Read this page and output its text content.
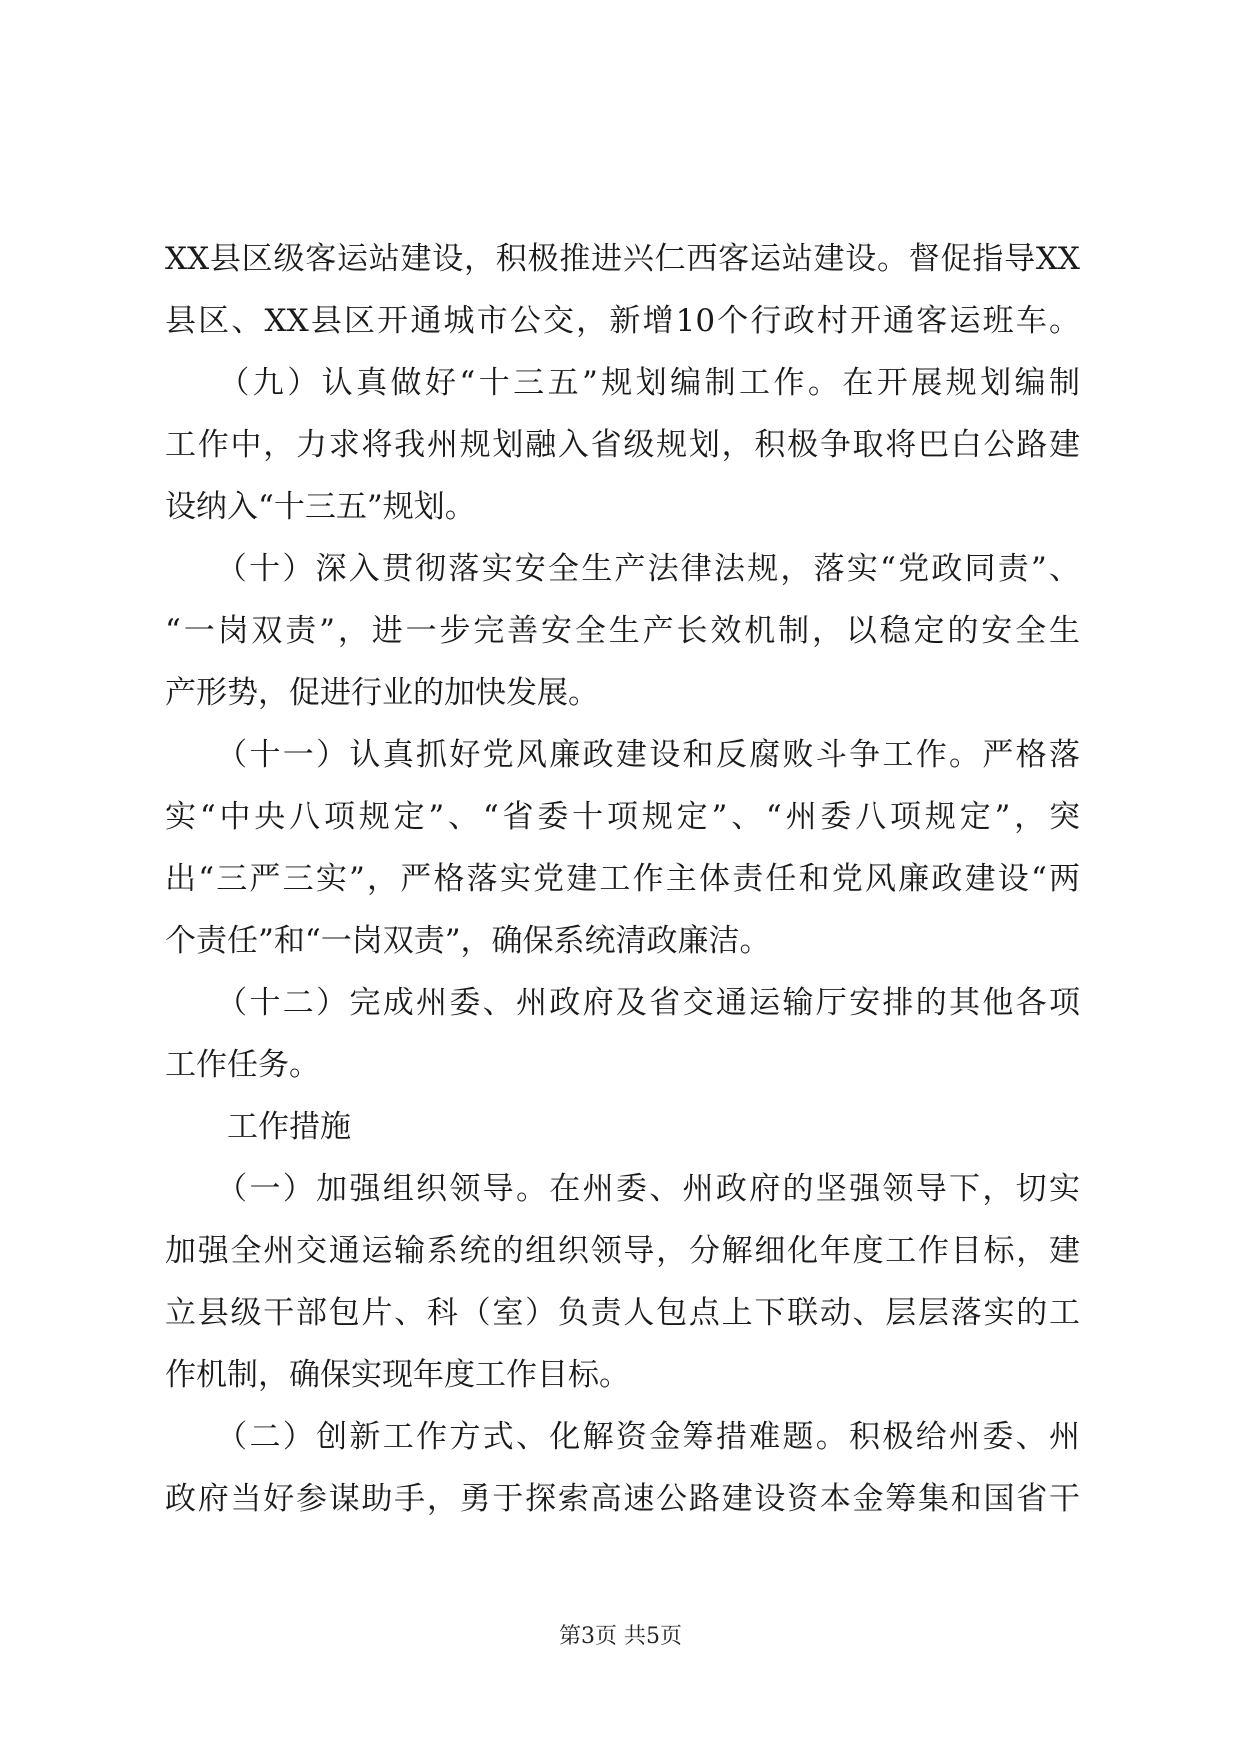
XX县区级客运站建设，积极推进兴仁西客运站建设。督促指导XX
县区、XX县区开通城市公交，新增10个行政村开通客运班车。
　　（九）认真做好“十三五”规划编制工作。在开展规划编制
工作中，力求将我州规划融入省级规划，积极争取将巴白公路建
设纳入“十三五”规划。
　　（十）深入贯彻落实安全生产法律法规，落实“党政同责”、
“一岗双责”，进一步完善安全生产长效机制，以稳定的安全生
产形势，促进行业的加快发展。
　　（十一）认真抓好党风廉政建设和反腐败斗争工作。严格落
实“中央八项规定”、“省委十项规定”、“州委八项规定”，突
出“三严三实”，严格落实党建工作主体责任和党风廉政建设“两
个责任”和“一岗双责”，确保系统清政廉洁。
　　（十二）完成州委、州政府及省交通运输厅安排的其他各项
工作任务。
　　工作措施
　　（一）加强组织领导。在州委、州政府的坚强领导下，切实
加强全州交通运输系统的组织领导，分解细化年度工作目标，建
立县级干部包片、科（室）负责人包点上下联动、层层落实的工
作机制，确保实现年度工作目标。
　　（二）创新工作方式、化解资金筹措难题。积极给州委、州
政府当好参谋助手，勇于探索高速公路建设资本金筹集和国省干
第3页 共5页
